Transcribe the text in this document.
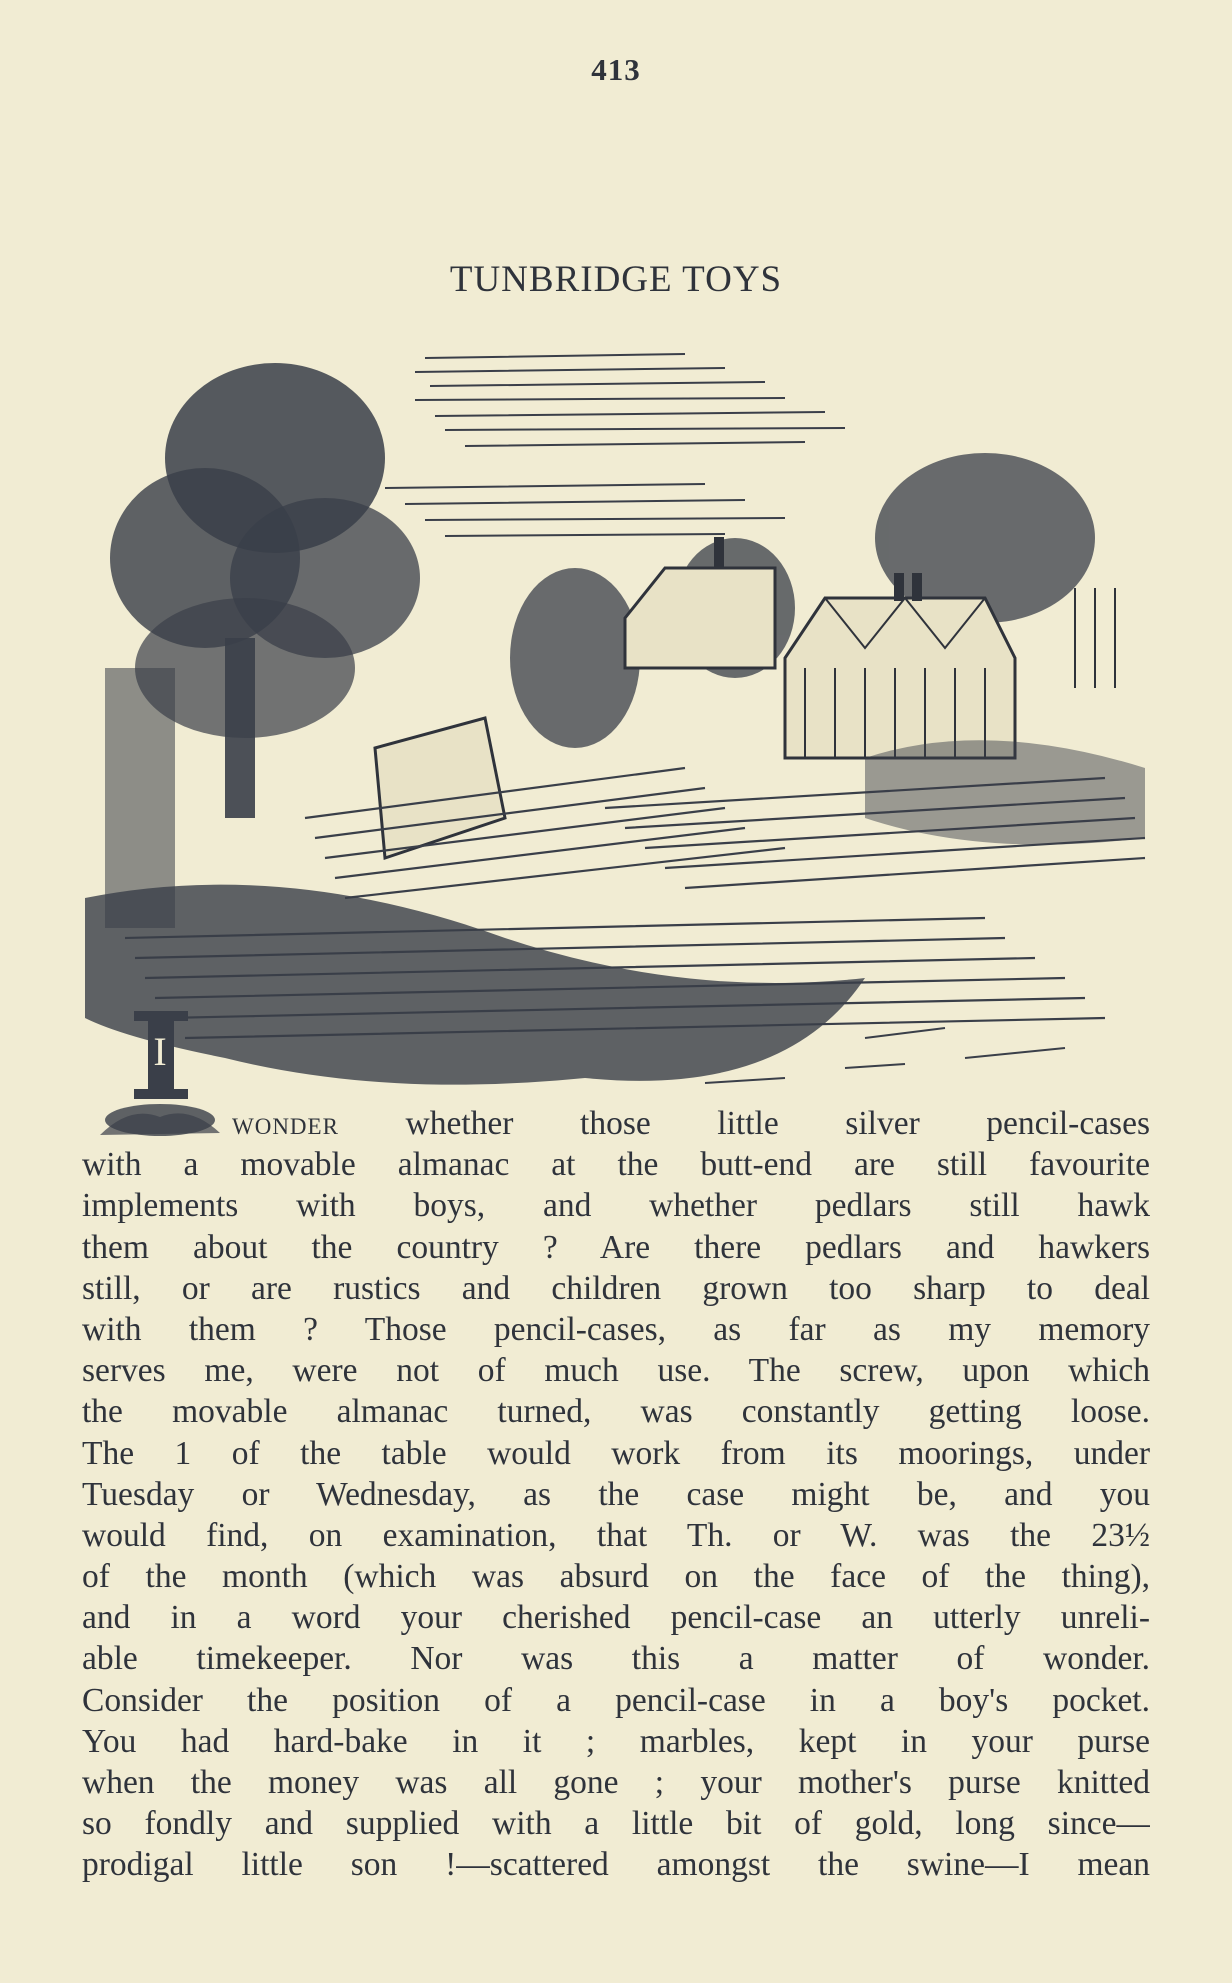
413
TUNBRIDGE TOYS
I
wonder whether those little silver pencil-cases
with a movable almanac at the butt-end are still favourite
implements with boys, and whether pedlars still hawk
them about the country ? Are there pedlars and hawkers
still, or are rustics and children grown too sharp to deal
with them ? Those pencil-cases, as far as my memory
serves me, were not of much use. The screw, upon which
the movable almanac turned, was constantly getting loose.
The 1 of the table would work from its moorings, under
Tuesday or Wednesday, as the case might be, and you
would find, on examination, that Th. or W. was the 23½
of the month (which was absurd on the face of the thing),
and in a word your cherished pencil-case an utterly unreli-
able timekeeper. Nor was this a matter of wonder.
Consider the position of a pencil-case in a boy's pocket.
You had hard-bake in it ; marbles, kept in your purse
when the money was all gone ; your mother's purse knitted
so fondly and supplied with a little bit of gold, long since—
prodigal little son !—scattered amongst the swine—I mean
